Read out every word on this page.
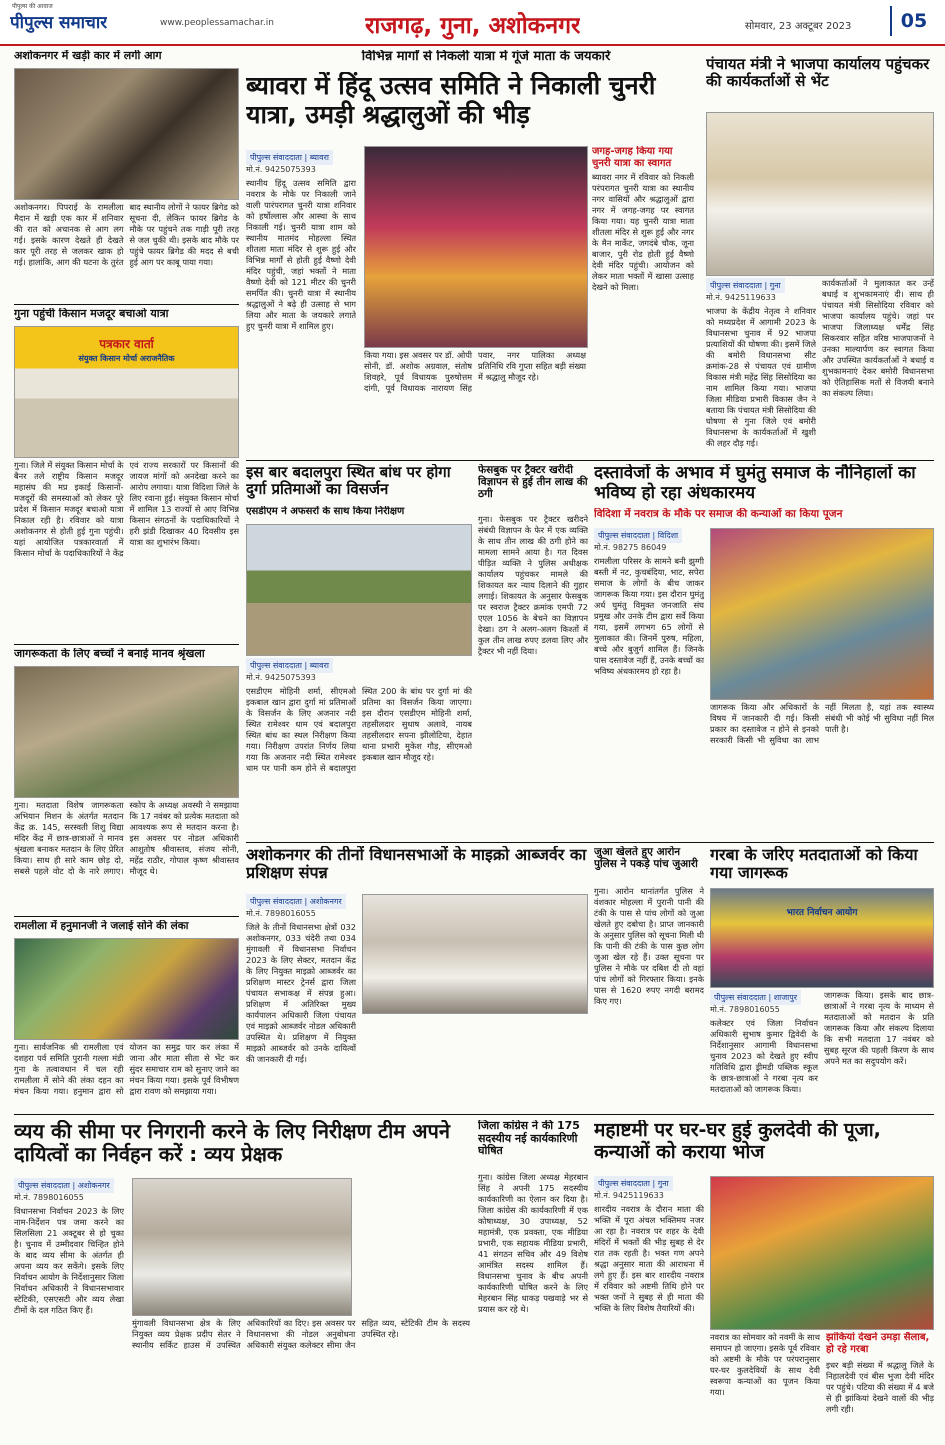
पीपुल्स समाचार
पीपुल्स की आवाज
www.peoplessamachar.in	राजगढ़, गुना, अशोकनगर	सोमवार, 23 अक्टूबर 2023	05
अशोकनगर में खड़ी कार में लगी आग
अशोकनगर। पिपराई के रामलीला मैदान में खड़ी एक कार में शनिवार की रात को अचानक से आग लग गई। इसके कारण देखते ही देखते कार पूरी तरह से जलकर खाक हो गई। हालांकि, आग की घटना के तुरंत बाद स्थानीय लोगों ने फायर ब्रिगेड को सूचना दी, लेकिन फायर ब्रिगेड के मौके पर पहुंचने तक गाड़ी पूरी तरह से जल चुकी थी। इसके बाद मौके पर पहुंचे फायर ब्रिगेड की मदद से बची हुई आग पर काबू पाया गया।
गुना पहुंची किसान मजदूर बचाओ यात्रा
पत्रकार वार्ता
संयुक्त किसान मोर्चा अराजनैतिक
गुना। जिले में संयुक्त किसान मोर्चा के बैनर तले राष्ट्रीय किसान मजदूर महासंघ की मप्र इकाई किसानों-मजदूरों की समस्याओं को लेकर पूरे प्रदेश में किसान मजदूर बचाओ यात्रा निकाल रही है। रविवार को यात्रा अशोकनगर से होती हुई गुना पहुंची। यहां आयोजित पत्रकारवार्ता में किसान मोर्चा के पदाधिकारियों ने केंद्र एवं राज्य सरकारों पर किसानों की जायज मांगों को अनदेखा करने का आरोप लगाया। यात्रा विदिशा जिले के लिए रवाना हुई। संयुक्त किसान मोर्चा में शामिल 13 राज्यों से आए विभिन्न किसान संगठनों के पदाधिकारियों ने हरी झंडी दिखाकर 40 दिवसीय इस यात्रा का शुभारंभ किया।
जागरूकता के लिए बच्चों ने बनाई मानव श्रृंखला
गुना। मतदाता विशेष जागरूकता अभियान मिशन के अंतर्गत मतदान केंद्र क्र. 145, सरस्वती शिशु विद्या मंदिर केंद्र में छात्र-छात्राओं ने मानव श्रृंखला बनाकर मतदान के लिए प्रेरित किया। साथ ही सारे काम छोड़ दो, सबसे पहले वोट दो के नारे लगाए। स्कोप के अध्यक्ष अवस्थी ने समझाया कि 17 नवंबर को प्रत्येक मतदाता को आवश्यक रूप से मतदान करना है। इस अवसर पर नोडल अधिकारी आशुतोष श्रीवास्तव, संजय सोनी, महेंद्र राठौर, गोपाल कृष्ण श्रीवास्तव मौजूद थे।
रामलीला में हनुमानजी ने जलाई सोने की लंका
गुना। सार्वजनिक श्री रामलीला एवं दशहरा पर्व समिति पुरानी गल्ला मंडी गुना के तत्वावधान में चल रही रामलीला में सोने की लंका दहन का मंचन किया गया। हनुमान द्वारा सो योजन का समुद्र पार कर लंका में जाना और माता सीता से भेंट कर सुंदर समाचार राम को सुनाए जाने का मंचन किया गया। इसके पूर्व विभीषण द्वारा रावण को समझाया गया।
विभिन्न मार्गों से निकली यात्रा में गूंजे माता के जयकारे
ब्यावरा में हिंदू उत्सव समिति ने निकाली चुनरी यात्रा, उमड़ी श्रद्धालुओं की भीड़
पीपुल्स संवाददाता | ब्यावरा
मो.नं. 9425075393
स्थानीय हिंदू उत्सव समिति द्वारा नवरात्र के मौके पर निकाली जाने वाली पारंपरागत चुनरी यात्रा शनिवार को हर्षोल्लास और आस्था के साथ निकाली गई। चुनरी यात्रा शाम को स्थानीय मातमंद मोहल्ला स्थित शीतला माता मंदिर से शुरू हुई और विभिन्न मार्गों से होती हुई वैष्णो देवी मंदिर पहुंची, जहां भक्तों ने माता वैष्णो देवी को 121 मीटर की चुनरी समर्पित की। चुनरी यात्रा में स्थानीय श्रद्धालुओं ने बढ़े ही उत्साह से भाग लिया और माता के जयकारे लगाते हुए चुनरी यात्रा में शामिल हुए।
किया गया। इस अवसर पर डॉ. ओपी सोनी, डॉ. अशोक अग्रवाल, संतोष शिवहरे, पूर्व विधायक पुरुषोत्तम दांगी, पूर्व विधायक नारायण सिंह पवार, नगर पालिका अध्यक्ष प्रतिनिधि रवि गुप्ता सहित बड़ी संख्या में श्रद्धालु मौजूद रहे।
जगह-जगह किया गया चुनरी यात्रा का स्वागत
ब्यावरा नगर में रविवार को निकली परंपरागत चुनरी यात्रा का स्थानीय नगर वासियों और श्रद्धालुओं द्वारा नगर में जगह-जगह पर स्वागत किया गया। यह चुनरी यात्रा माता शीतला मंदिर से शुरू हुई और नगर के मैन मार्केट, जगदंबे चौक, जूना बाजार, पुरी रोड होती हुई वैष्णो देवी मंदिर पहुंची। आयोजन को लेकर माता भक्तों में खासा उत्साह देखने को मिला।
पंचायत मंत्री ने भाजपा कार्यालय पहुंचकर की कार्यकर्ताओं से भेंट
पीपुल्स संवाददाता | गुना
मो.नं. 9425119633
भाजपा के केंद्रीय नेतृत्व ने शनिवार को मध्यप्रदेश में आगामी 2023 के विधानसभा चुनाव में 92 भाजपा प्रत्याशियों की घोषणा की। इसमें जिले की बमोरी विधानसभा सीट क्रमांक-28 से पंचायत एवं ग्रामीण विकास मंत्री महेंद्र सिंह सिसोदिया का नाम शामिल किया गया। भाजपा जिला मीडिया प्रभारी विकास जैन ने बताया कि पंचायत मंत्री सिसोदिया की घोषणा से गुना जिले एवं बमोरी विधानसभा के कार्यकर्ताओं में खुशी की लहर दौड़ गई।
कार्यकर्ताओं ने मुलाकात कर उन्हें बधाई व शुभकामनाएं दी। साथ ही पंचायत मंत्री सिसोदिया रविवार को भाजपा कार्यालय पहुंचे। जहां पर भाजपा जिलाध्यक्ष धर्मेंद्र सिंह सिकरवार सहित वरिष्ठ भाजपाजनों ने उनका माल्यार्पण कर स्वागत किया और उपस्थित कार्यकर्ताओं ने बधाई व शुभकामनाएं देकर बमोरी विधानसभा को ऐतिहासिक मतों से विजयी बनाने का संकल्प लिया।
इस बार बदालपुरा स्थित बांध पर होगा दुर्गा प्रतिमाओं का विसर्जन
एसडीएम ने अफसरों के साथ किया निरीक्षण
पीपुल्स संवाददाता | ब्यावरा
मो.नं. 9425075393
एसडीएम मोहिनी शर्मा, सीएमओ इकबाल खान द्वारा दुर्गा मां प्रतिमाओं के विसर्जन के लिए अजनार नदी स्थित रामेश्वर धाम एवं बदालपुरा स्थित बांध का स्थल निरीक्षण किया गया। निरीक्षण उपरांत निर्णय लिया गया कि अजनार नदी स्थित रामेश्वर धाम पर पानी कम होने से बदालपुरा स्थित 200 के बांध पर दुर्गा मां की प्रतिमा का विसर्जन किया जाएगा। इस दौरान एसडीएम मोहिनी शर्मा, तहसीलदार सुधाष अलावे, नायब तहसीलदार सपना झीलोटिया, देहात थाना प्रभारी मुकेश गौड़, सीएमओ इकबाल खान मौजूद रहे।
फेसबुक पर ट्रैक्टर खरीदी विज्ञापन से हुई तीन लाख की ठगी
गुना। फेसबुक पर ट्रैक्टर खरीदने संबंधी विज्ञापन के फेर में एक व्यक्ति के साथ तीन लाख की ठगी होने का मामला सामने आया है। गत दिवस पीड़ित व्यक्ति ने पुलिस अधीक्षक कार्यालय पहुंचकर मामले की शिकायत कर न्याय दिलाने की गुहार लगाई। शिकायत के अनुसार फेसबुक पर स्वराज ट्रैक्टर क्रमांक एमपी 72 एएल 1056 के बेचने का विज्ञापन देखा। ठग ने अलग-अलग किश्तों में कुल तीन लाख रुपए डलवा लिए और ट्रैक्टर भी नहीं दिया।
दस्तावेजों के अभाव में घुमंतु समाज के नौनिहालों का भविष्य हो रहा अंधकारमय
विदिशा में नवरात्र के मौके पर समाज की कन्याओं का किया पूजन
पीपुल्स संवाददाता | विदिशा
मो.नं. 98275 86049
रामलीला परिसर के सामने बनी झुग्गी बस्ती में नट, कुचबंदिया, भाट, सपेरा समाज के लोगों के बीच जाकर जागरूक किया गया। इस दौरान घुमंतु अर्ध घुमंतु विमुक्त जनजाति संघ प्रमुख और उनके टीम द्वारा सर्वे किया गया, इसमें लगभग 65 लोगों से मुलाकात की। जिनमें पुरुष, महिला, बच्चे और बुजुर्ग शामिल हैं। जिनके पास दस्तावेज नहीं हैं, उनके बच्चों का भविष्य अंधकारमय हो रहा है।
जागरूक किया और अधिकारों के विषय में जानकारी दी गई। किसी प्रकार का दस्तावेज न होने से इनको सरकारी किसी भी सुविधा का लाभ नहीं मिलता है, यहां तक स्वास्थ्य संबंधी भी कोई भी सुविधा नहीं मिल पाती है।
अशोकनगर की तीनों विधानसभाओं के माइक्रो आब्जर्वर का प्रशिक्षण संपन्न
पीपुल्स संवाददाता | अशोकनगर
मो.नं. 7898016055
जिले के तीनों विधानसभा क्षेत्रों 032 अशोकनगर, 033 चंदेरी तथा 034 मुंगावली में विधानसभा निर्वाचन 2023 के लिए सेक्टर, मतदान केंद्र के लिए नियुक्त माइक्रो आब्जर्वर का प्रशिक्षण मास्टर ट्रेनर्स द्वारा जिला पंचायत सभाकक्ष में संपन्न हुआ। प्रशिक्षण में अतिरिक्त मुख्य कार्यपालन अधिकारी जिला पंचायत एवं माइक्रो आब्जर्वर नोडल अधिकारी उपस्थित थे। प्रशिक्षण में नियुक्त माइक्रो आब्जर्वर को उनके दायित्वों की जानकारी दी गई।
जुआ खेलते हुए आरोन पुलिस ने पकड़े पांच जुआरी
गुना। आरोन थानांतर्गत पुलिस ने वंशकार मोहल्ला में पुरानी पानी की टंकी के पास से पांच लोगों को जुआ खेलते हुए दबोचा है। प्राप्त जानकारी के अनुसार पुलिस को सूचना मिली थी कि पानी की टंकी के पास कुछ लोग जुआ खेल रहे हैं। उक्त सूचना पर पुलिस ने मौके पर दबिश दी तो वहां पांच लोगों को गिरफ्तार किया। इनके पास से 1620 रुपए नगदी बरामद किए गए।
गरबा के जरिए मतदाताओं को किया गया जागरूक
भारत निर्वाचन आयोग
पीपुल्स संवाददाता | शाजापुर
मो.नं. 7898016055
कलेक्टर एवं जिला निर्वाचन अधिकारी सुभाष कुमार द्विवेदी के निर्देशानुसार आगामी विधानसभा चुनाव 2023 को देखते हुए स्वीप गतिविधि द्वारा ड्रीमडी पब्लिक स्कूल के छात्र-छात्राओं ने गरबा नृत्य कर मतदाताओं को जागरूक किया।
जागरूक किया। इसके बाद छात्र-छात्राओं ने गरबा नृत्य के माध्यम से मतदाताओं को मतदान के प्रति जागरूक किया और संकल्प दिलाया कि सभी मतदाता 17 नवंबर को सुबह सूरज की पहली किरण के साथ अपने मत का सदुपयोग करें।
व्यय की सीमा पर निगरानी करने के लिए निरीक्षण टीम अपने दायित्वों का निर्वहन करें : व्यय प्रेक्षक
पीपुल्स संवाददाता | अशोकनगर
मो.नं. 7898016055
विधानसभा निर्वाचन 2023 के लिए नाम-निर्देशन पत्र जमा करने का सिलसिला 21 अक्टूबर से हो चुका है। चुनाव में उम्मीदवार चिन्हित होने के बाद व्यय सीमा के अंतर्गत ही अपना व्यय कर सकेंगे। इसके लिए निर्वाचन आयोग के निर्देशानुसार जिला निर्वाचन अधिकारी ने विधानसभावार स्टेटिकी, एसएसटी और व्यय लेखा टीमों के दल गठित किए हैं।
मुंगावली विधानसभा क्षेत्र के लिए नियुक्त व्यय प्रेक्षक प्रदीप सेतर ने स्थानीय सर्किट हाउस में उपस्थित अधिकारियों का दिए। इस अवसर पर विधानसभा की नोडल अनुबोधना अधिकारी संयुक्त कलेक्टर सीमा जैन सहित व्यय, स्टेटिकी टीम के सदस्य उपस्थित रहे।
जिला कांग्रेस ने की 175 सदस्यीय नई कार्यकारिणी घोषित
गुना। कांग्रेस जिला अध्यक्ष मेहरबान सिंह ने अपनी 175 सदस्यीय कार्यकारिणी का ऐलान कर दिया है। जिला कांग्रेस की कार्यकारिणी में एक कोषाध्यक्ष, 30 उपाध्यक्ष, 52 महामंत्री, एक प्रवक्ता, एक मीडिया प्रभारी, एक सहायक मीडिया प्रभारी, 41 संगठन सचिव और 49 विशेष आमंत्रित सदस्य शामिल हैं। विधानसभा चुनाव के बीच अपनी कार्यकारिणी घोषित करने के लिए मेहरबान सिंह धाकड़ पखवाड़े भर से प्रयास कर रहे थे।
महाष्टमी पर घर-घर हुई कुलदेवी की पूजा, कन्याओं को कराया भोज
पीपुल्स संवाददाता | गुना
मो.नं. 9425119633
शारदीय नवरात्र के दौरान माता की भक्ति में पूरा अंचल भक्तिमय नजर आ रहा है। नवरात्र पर शहर के देवी मंदिरों में भक्तों की भीड़ सुबह से देर रात तक रहती है। भक्त गण अपने श्रद्धा अनुसार माता की आराधना में लगे हुए हैं। इस बार शारदीय नवरात्र में रविवार को अष्टमी तिथि होने पर भक्त जनों ने सुबह से ही माता की भक्ति के लिए विशेष तैयारियों की।
नवरात्र का सोमवार को नवमीं के साथ समापन हो जाएगा। इसके पूर्व रविवार को अष्टमी के मौके पर परंपरानुसार घर-घर कुलदेवियों के साथ देवी स्वरूपा कन्याओं का पूजन किया गया।
झांकियां देखने उमड़ा सैलाब, हो रहे गरबा
इधर बड़ी संख्या में श्रद्धालु जिले के निहालदेवी एवं बीस भुजा देवी मंदिर पर पहुंचे। पटिया की संख्या में 4 बजे से ही झांकियां देखने वालों की भीड़ लगी रही।
